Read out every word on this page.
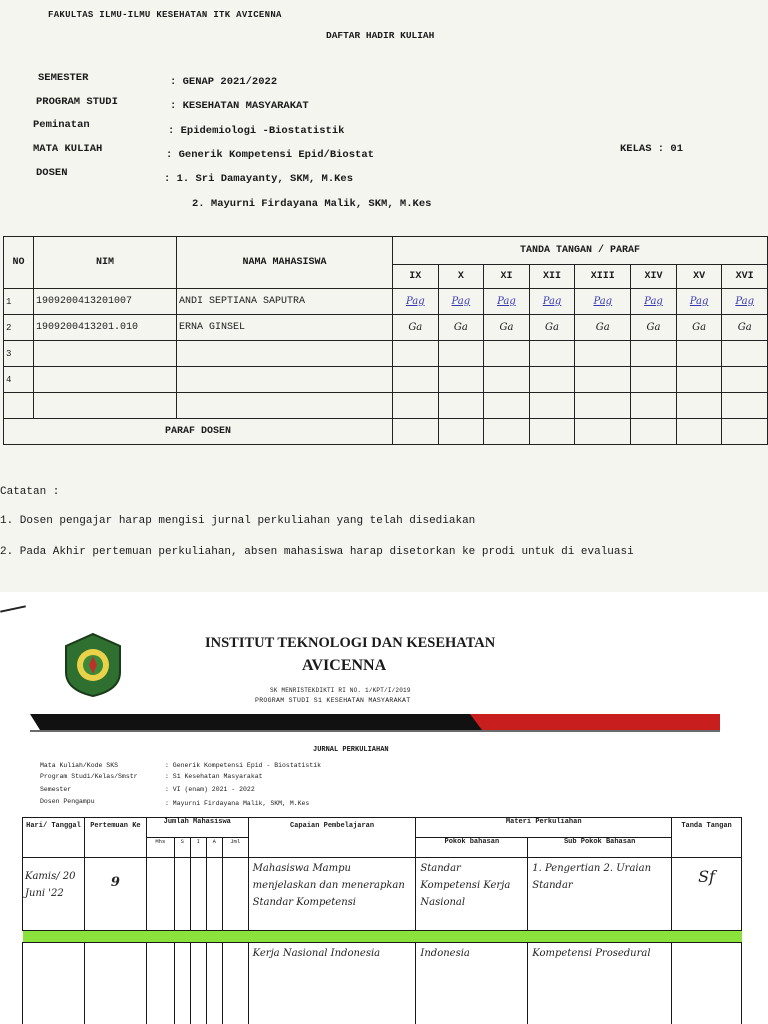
FAKULTAS ILMU-ILMU KESEHATAN ITK AVICENNA
DAFTAR HADIR KULIAH
SEMESTER	: GENAP 2021/2022
PROGRAM STUDI	: KESEHATAN MASYARAKAT
Peminatan	: Epidemiologi -Biostatistik
MATA KULIAH	: Generik Kompetensi Epid/Biostat
DOSEN	: 1. Sri Damayanty, SKM, M.Kes
2. Mayurni Firdayana Malik, SKM, M.Kes
KELAS : 01
NO	NIM	NAMA MAHASISWA	TANDA TANGAN / PARAF							
			IX	X	XI	XII	XIII	XIV	XV	XVI
1	1909200413201007	ANDI SEPTIANA SAPUTRA	Pag	Pag	Pag	Pag	Pag	Pag	Pag	Pag
2	1909200413201.010	ERNA GINSEL	Ga	Ga	Ga	Ga	Ga	Ga	Ga	Ga
3										
4										

PARAF DOSEN										
Catatan :
1. Dosen pengajar harap mengisi jurnal perkuliahan yang telah disediakan
2. Pada Akhir pertemuan perkuliahan, absen mahasiswa harap disetorkan ke prodi untuk di evaluasi
INSTITUT TEKNOLOGI DAN KESEHATAN
AVICENNA
SK MENRISTEKDIKTI RI NO. 1/KPT/I/2019
PROGRAM STUDI S1 KESEHATAN MASYARAKAT
JURNAL PERKULIAHAN
Mata Kuliah/Kode SKS	: Generik Kompetensi Epid - Biostatistik
Program Studi/Kelas/Smstr	: S1 Kesehatan Masyarakat
Semester	: VI (enam) 2021 - 2022
Dosen Pengampu	: Mayurni Firdayana Malik, SKM, M.Kes
Hari/ Tanggal	Pertemuan Ke	Jumlah Mahasiswa					Capaian Pembelajaran	Materi Perkuliahan		Tanda Tangan
		Mhs	S	I	A	Jml		Pokok bahasan	Sub Pokok Bahasan	
Kamis/ 20 Juni '22	9						Mahasiswa Mampu menjelaskan dan menerapkan Standar Kompetensi	Standar Kompetensi Kerja Nasional	1. Pengertian 2. Uraian Standar	Sf

							Kerja Nasional Indonesia	Indonesia	Kompetensi Prosedural	
